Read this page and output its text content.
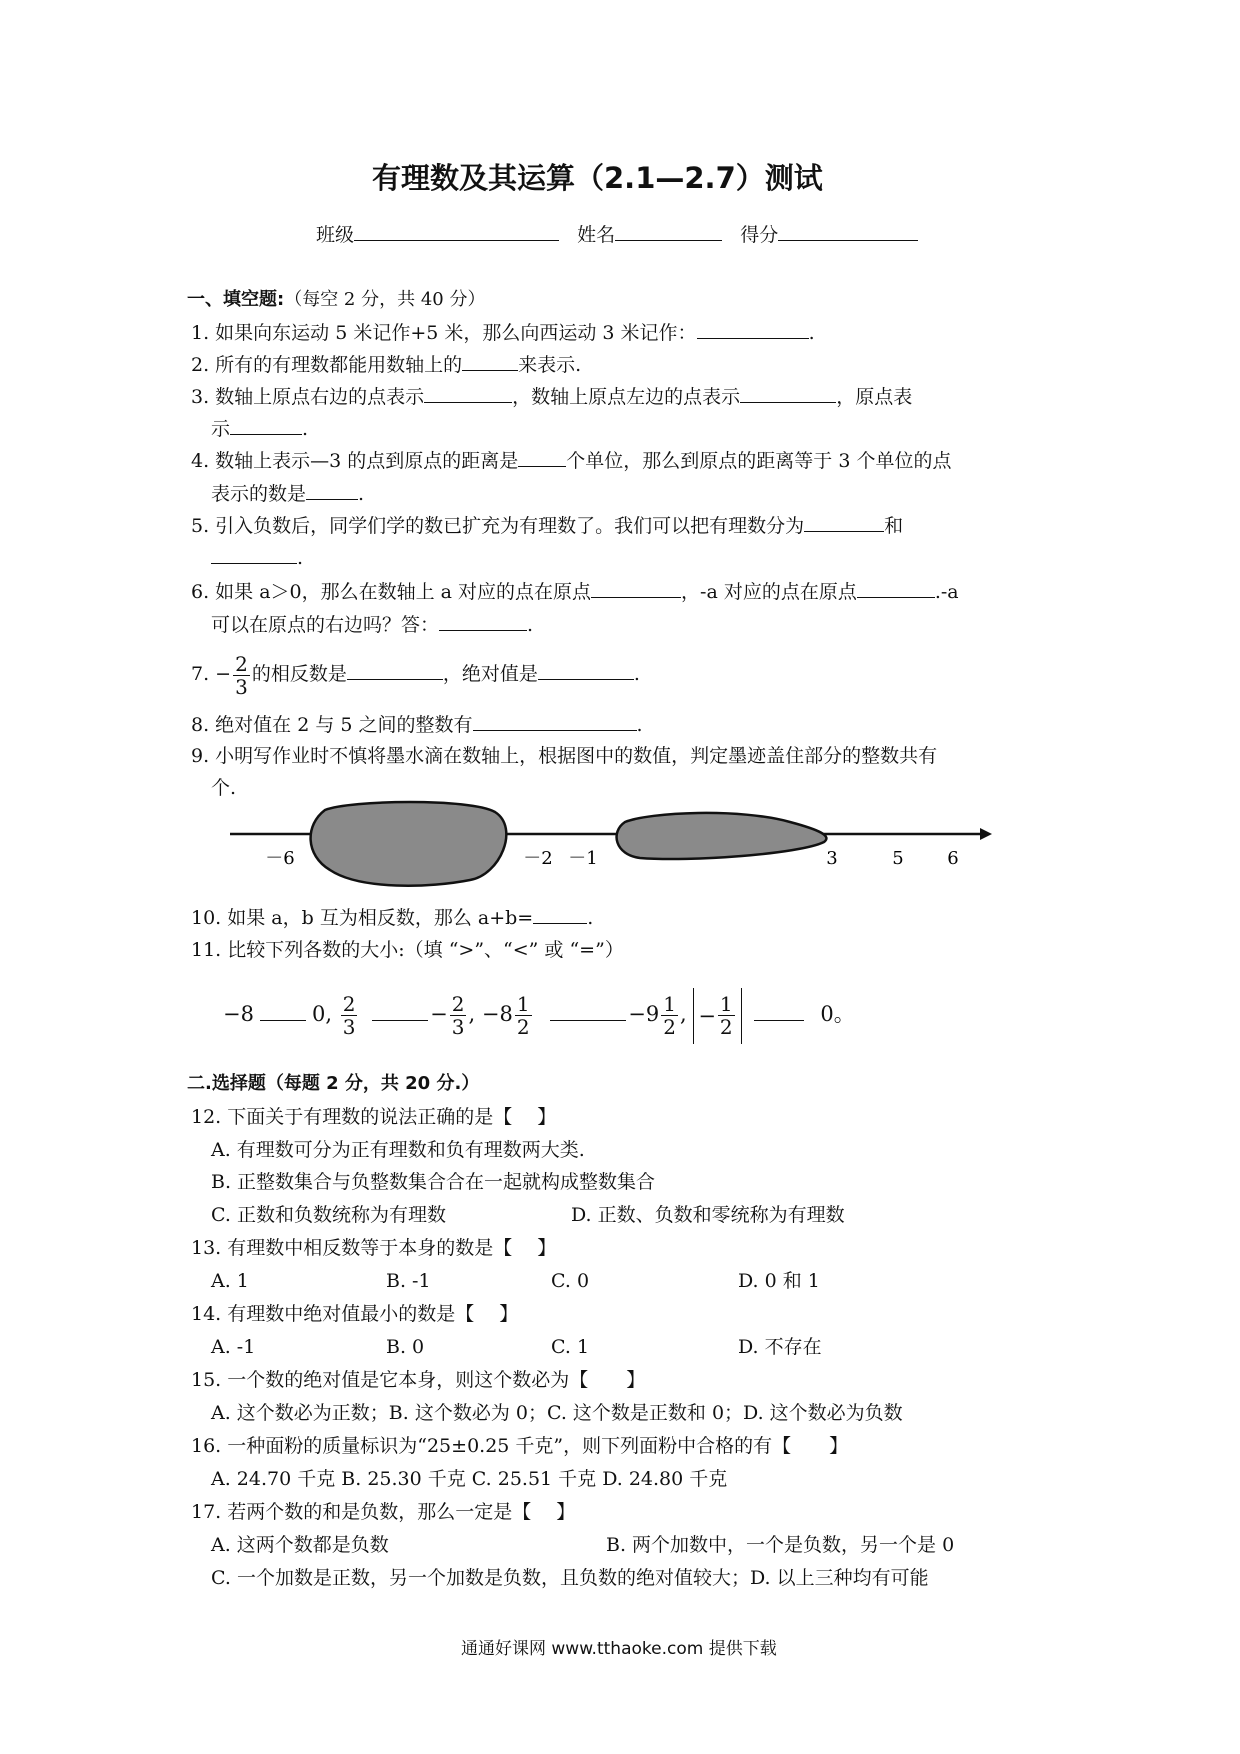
有理数及其运算（2.1—2.7）测试
班级	姓名	得分
一、填空题:（每空 2 分，共 40 分）
1. 如果向东运动 5 米记作+5 米，那么向西运动 3 米记作：	.
2. 所有的有理数都能用数轴上的	来表示.
3. 数轴上原点右边的点表示	，数轴上原点左边的点表示	，原点表
示	.
4. 数轴上表示—3 的点到原点的距离是	个单位，那么到原点的距离等于 3 个单位的点
表示的数是	.
5. 引入负数后，同学们学的数已扩充为有理数了。我们可以把有理数分为	和
.
6. 如果 a＞0，那么在数轴上 a 对应的点在原点	，-a 对应的点在原点	.-a
可以在原点的右边吗？答：	.
7. − $\frac{2}{3}$ 的相反数是	，绝对值是	.
8. 绝对值在 2 与 5 之间的整数有	.
9. 小明写作业时不慎将墨水滴在数轴上，根据图中的数值，判定墨迹盖住部分的整数共有
个.
－6	－2 －1	3	5 6
10. 如果 a，b 互为相反数，那么 a+b=	.
11. 比较下列各数的大小:（填 “>”、“<” 或 “=”）
−8	0, $\frac{2}{3}$	− $\frac{2}{3}$ , $-8 \frac{1}{2}$	$-9 \frac{1}{2}$ , − $\frac{1}{2}$	0。
二.选择题（每题 2 分，共 20 分.）
12. 下面关于有理数的说法正确的是【　 】
A. 有理数可分为正有理数和负有理数两大类.
B. 正整数集合与负整数集合合在一起就构成整数集合
C. 正数和负数统称为有理数	D. 正数、负数和零统称为有理数
13. 有理数中相反数等于本身的数是【　 】
A. 1	B. -1	C. 0	D. 0 和 1
14. 有理数中绝对值最小的数是【　 】
A. -1	B. 0	C. 1	D. 不存在
15. 一个数的绝对值是它本身，则这个数必为【　　】
A. 这个数必为正数；B. 这个数必为 0；C. 这个数是正数和 0；D. 这个数必为负数
16. 一种面粉的质量标识为“25±0.25 千克”，则下列面粉中合格的有【　　】
A. 24.70 千克 B. 25.30 千克 C. 25.51 千克 D. 24.80 千克
17. 若两个数的和是负数，那么一定是【　 】
A. 这两个数都是负数	B. 两个加数中，一个是负数，另一个是 0
C. 一个加数是正数，另一个加数是负数，且负数的绝对值较大；D. 以上三种均有可能
通通好课网 www.tthaoke.com 提供下载
